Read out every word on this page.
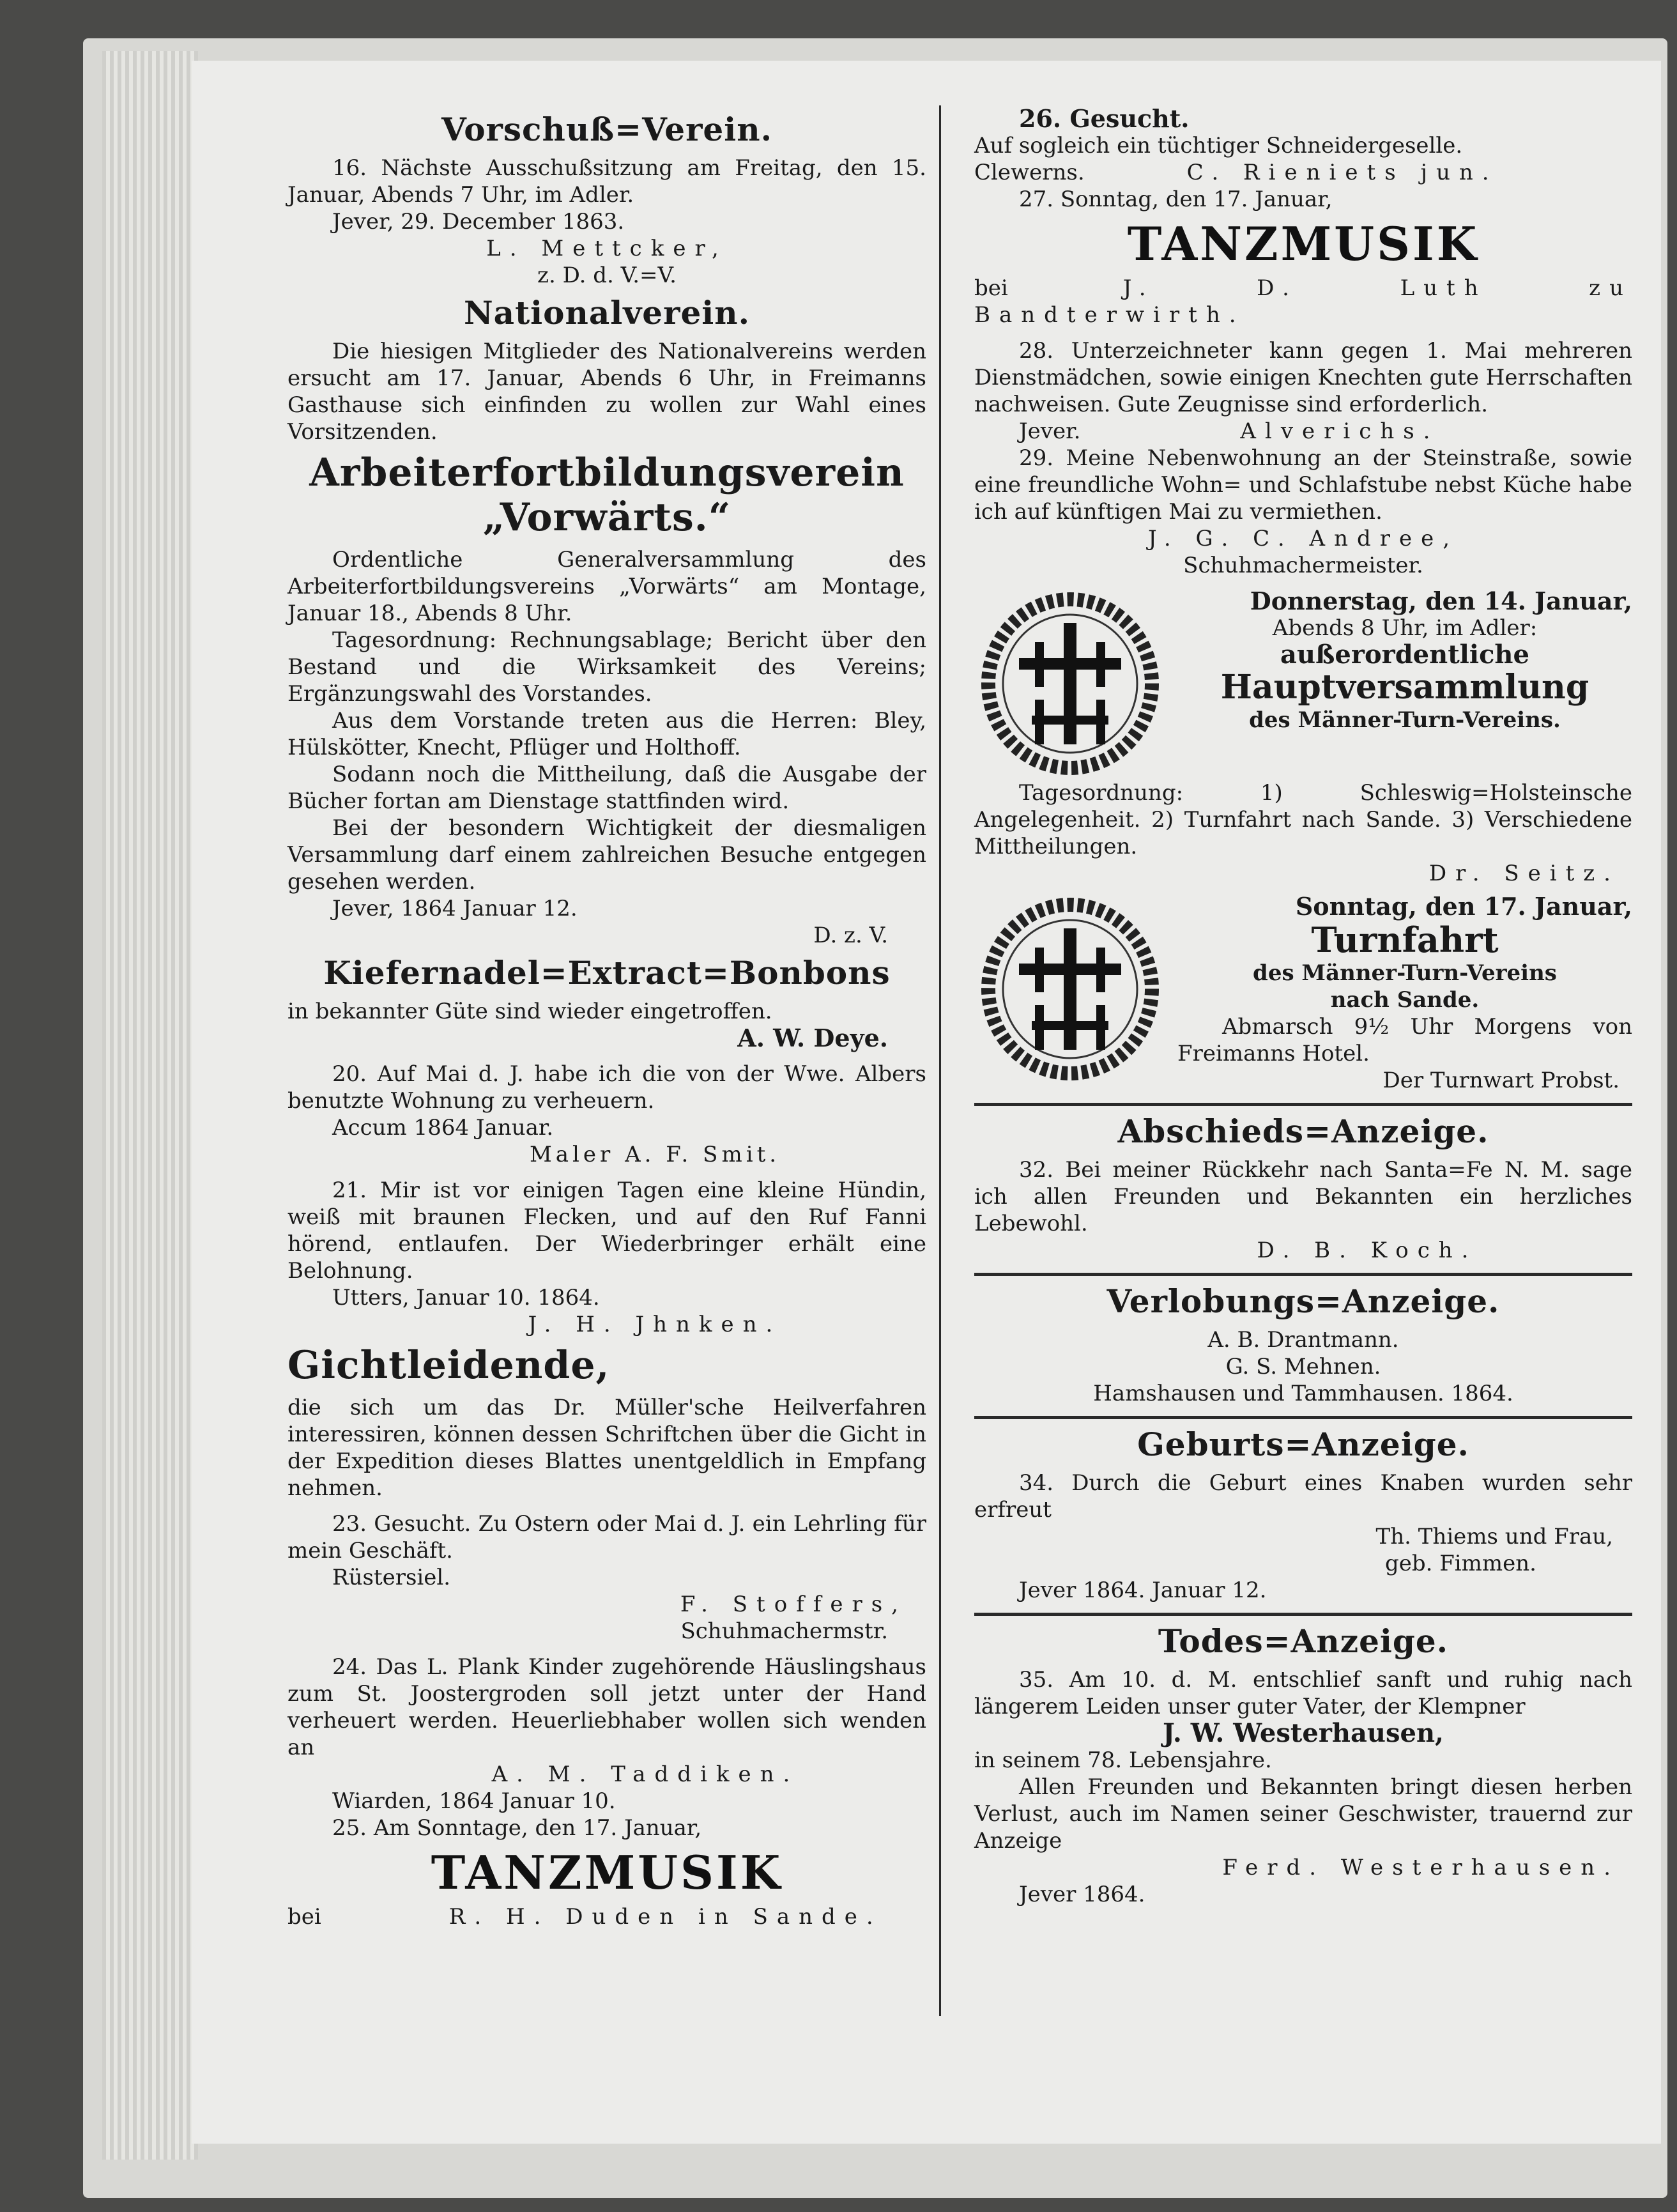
Vorschuß=Verein.

16. Nächste Ausschußsitzung am Freitag, den 15. Januar, Abends 7 Uhr, im Adler.

Jever, 29. December 1863.

L. Mettcker,

z. D. d. V.=V.

Nationalverein.

Die hiesigen Mitglieder des Nationalvereins werden ersucht am 17. Januar, Abends 6 Uhr, in Freimanns Gasthause sich einfinden zu wollen zur Wahl eines Vorsitzenden.

Arbeiterfortbildungsverein
„Vorwärts.“

Ordentliche Generalversammlung des Arbeiterfortbildungsvereins „Vorwärts“ am Montage, Januar 18., Abends 8 Uhr.

Tagesordnung: Rechnungsablage; Bericht über den Bestand und die Wirksamkeit des Vereins; Ergänzungswahl des Vorstandes.

Aus dem Vorstande treten aus die Herren: Bley, Hülskötter, Knecht, Pflüger und Holthoff.

Sodann noch die Mittheilung, daß die Ausgabe der Bücher fortan am Dienstage stattfinden wird.

Bei der besondern Wichtigkeit der diesmaligen Versammlung darf einem zahlreichen Besuche entgegen gesehen werden.

Jever, 1864 Januar 12.

D. z. V.

Kiefernadel=Extract=Bonbons

in bekannter Güte sind wieder eingetroffen.

A. W. Deye.

20. Auf Mai d. J. habe ich die von der Wwe. Albers benutzte Wohnung zu verheuern.

Accum 1864 Januar.

Maler A. F. Smit.

21. Mir ist vor einigen Tagen eine kleine Hündin, weiß mit braunen Flecken, und auf den Ruf Fanni hörend, entlaufen. Der Wiederbringer erhält eine Belohnung.

Utters, Januar 10. 1864.

J. H. Jhnken.

Gichtleidende,

die sich um das Dr. Müller'sche Heilverfahren interessiren, können dessen Schriftchen über die Gicht in der Expedition dieses Blattes unentgeldlich in Empfang nehmen.

23. Gesucht. Zu Ostern oder Mai d. J. ein Lehrling für mein Geschäft.

Rüstersiel.

F. Stoffers,

Schuhmachermstr.

24. Das L. Plank Kinder zugehörende Häuslingshaus zum St. Joostergroden soll jetzt unter der Hand verheuert werden. Heuerliebhaber wollen sich wenden an

A. M. Taddiken.

Wiarden, 1864 Januar 10.

25. Am Sonntage, den 17. Januar,

TANZMUSIK

bei	R. H. Duden in Sande.

26. Gesucht.

Auf sogleich ein tüchtiger Schneidergeselle.

Clewerns.	C. Rieniets jun.

27. Sonntag, den 17. Januar,

TANZMUSIK

bei	J. D. Luth zu Bandterwirth.

28. Unterzeichneter kann gegen 1. Mai mehreren Dienstmädchen, sowie einigen Knechten gute Herrschaften nachweisen. Gute Zeugnisse sind erforderlich.

Jever.	Alverichs.

29. Meine Nebenwohnung an der Steinstraße, sowie eine freundliche Wohn= und Schlafstube nebst Küche habe ich auf künftigen Mai zu vermiethen.

J. G. C. Andree,

Schuhmachermeister.

Donnerstag, den 14. Januar,

Abends 8 Uhr, im Adler:

außerordentliche

Hauptversammlung

des Männer-Turn-Vereins.

Tagesordnung: 1) Schleswig=Holsteinsche Angelegenheit. 2) Turnfahrt nach Sande. 3) Verschiedene Mittheilungen.

Dr. Seitz.

Sonntag, den 17. Januar,

Turnfahrt

des Männer-Turn-Vereins

nach Sande.

Abmarsch 9½ Uhr Morgens von Freimanns Hotel.

Der Turnwart Probst.

Abschieds=Anzeige.

32. Bei meiner Rückkehr nach Santa=Fe N. M. sage ich allen Freunden und Bekannten ein herzliches Lebewohl.

D. B. Koch.

Verlobungs=Anzeige.

A. B. Drantmann.

G. S. Mehnen.

Hamshausen und Tammhausen. 1864.

Geburts=Anzeige.

34. Durch die Geburt eines Knaben wurden sehr erfreut

Th. Thiems und Frau,

geb. Fimmen.

Jever 1864. Januar 12.

Todes=Anzeige.

35. Am 10. d. M. entschlief sanft und ruhig nach längerem Leiden unser guter Vater, der Klempner

J. W. Westerhausen,

in seinem 78. Lebensjahre.

Allen Freunden und Bekannten bringt diesen herben Verlust, auch im Namen seiner Geschwister, trauernd zur Anzeige

Ferd. Westerhausen.

Jever 1864.
